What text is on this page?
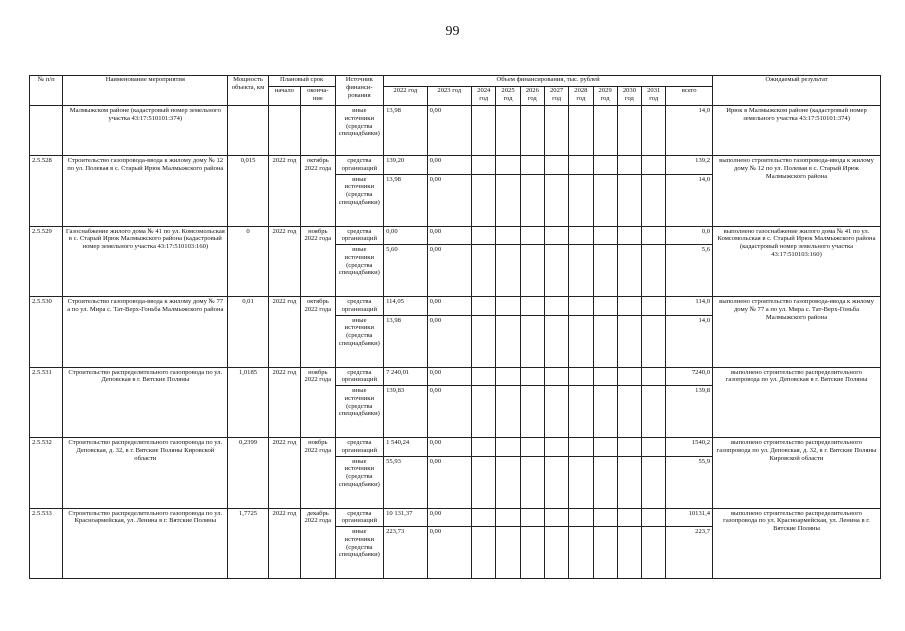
99
№ п/п	Наименование мероприятия	Мощность объекта, км	Плановый срок		Источник финанси-рования	Объем финансирования, тыс. рублей											Ожидаемый результат
			начало	оконча-ние		2022 год	2023 год	2024 год	2025 год	2026 год	2027 год	2028 год	2029 год	2030 год	2031 год	всего	
	Малмыжском районе (кадастровый номер земельного участка 43:17:510101:374)				иные источники (средства спецнадбавки)	13,98	0,00									14,0	Ирюк в Малмыжском районе (кадастровый номер земельного участка 43:17:510101:374)
2.5.528	Строительство газопровода-ввода к жилому дому № 12 по ул. Полевая в с. Старый Ирюк Малмыжского района	0,015	2022 год	октябрь 2022 года	средства организаций	139,20	0,00									139,2	выполнено строительство газопровода-ввода к жилому дому № 12 по ул. Полевая в с. Старый Ирюк Малмыжского района
					иные источники (средства спецнадбавки)	13,98	0,00									14,0	
2.5.529	Газоснабжение жилого дома № 41 по ул. Комсомольская в с. Старый Ирюк Малмыжского района (кадастровый номер земельного участка 43:17:510103:160)	0	2022 год	ноябрь 2022 года	средства организаций	0,00	0,00									0,0	выполнено газоснабжение жилого дома № 41 по ул. Комсомольская в с. Старый Ирюк Малмыжского района (кадастровый номер земельного участка 43:17:510103:160)
					иные источники (средства спецнадбавки)	5,60	0,00									5,6	
2.5.530	Строительство газопровода-ввода к жилому дому № 77 а по ул. Мира с. Тат-Верх-Гоньба Малмыжского района	0,01	2022 год	октябрь 2022 года	средства организаций	114,05	0,00									114,0	выполнено строительство газопровода-ввода к жилому дому № 77 а по ул. Мира с. Тат-Верх-Гоньба Малмыжского района
					иные источники (средства спецнадбавки)	13,98	0,00									14,0	
2.5.531	Строительство распределительного газопровода по ул. Деповская в г. Вятские Поляны	1,0185	2022 год	ноябрь 2022 года	средства организаций	7 240,01	0,00									7240,0	выполнено строительство распределительного газопровода по ул. Деповская в г. Вятские Поляны
					иные источники (средства спецнадбавки)	139,83	0,00									139,8	
2.5.532	Строительство распределительного газопровода по ул. Деповская, д. 32, в г. Вятские Поляны Кировской области	0,2399	2022 год	ноябрь 2022 года	средства организаций	1 540,24	0,00									1540,2	выполнено строительство распределительного газопровода по ул. Деповская, д. 32, в г. Вятские Поляны Кировской области
					иные источники (средства спецнадбавки)	55,93	0,00									55,9	
2.5.533	Строительство распределительного газопровода по ул. Красноармейская, ул. Ленина в г. Вятские Поляны	1,7725	2022 год	декабрь 2022 года	средства организаций	10 131,37	0,00									10131,4	выполнено строительство распределительного газопровода по ул. Красноармейская, ул. Ленина в г. Вятские Поляны
					иные источники (средства спецнадбавки)	223,73	0,00									223,7	
